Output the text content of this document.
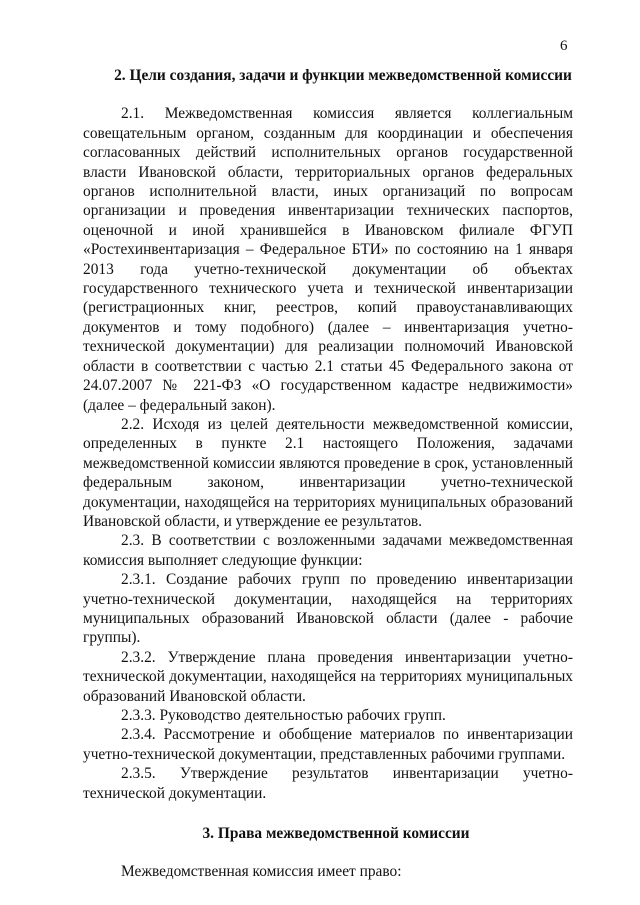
6

2. Цели создания, задачи и функции межведомственной комиссии

2.1. Межведомственная комиссия является коллегиальным совещательным органом, созданным для координации и обеспечения согласованных действий исполнительных органов государственной власти Ивановской области, территориальных органов федеральных органов исполнительной власти, иных организаций по вопросам организации и проведения инвентаризации технических паспортов, оценочной и иной хранившейся в Ивановском филиале ФГУП «Ростехинвентаризация – Федеральное БТИ» по состоянию на 1 января 2013 года учетно-технической документации об объектах государственного технического учета и технической инвентаризации (регистрационных книг, реестров, копий правоустанавливающих документов и тому подобного) (далее – инвентаризация учетно-технической документации) для реализации полномочий Ивановской области в соответствии с частью 2.1 статьи 45 Федерального закона от 24.07.2007 № 221-ФЗ «О государственном кадастре недвижимости» (далее – федеральный закон).

2.2. Исходя из целей деятельности межведомственной комиссии, определенных в пункте 2.1 настоящего Положения, задачами межведомственной комиссии являются проведение в срок, установленный федеральным законом, инвентаризации учетно-технической документации, находящейся на территориях муниципальных образований Ивановской области, и утверждение ее результатов.

2.3. В соответствии с возложенными задачами межведомственная комиссия выполняет следующие функции:

2.3.1. Создание рабочих групп по проведению инвентаризации учетно-технической документации, находящейся на территориях муниципальных образований Ивановской области (далее - рабочие группы).

2.3.2. Утверждение плана проведения инвентаризации учетно-технической документации, находящейся на территориях муниципальных образований Ивановской области.

2.3.3. Руководство деятельностью рабочих групп.

2.3.4. Рассмотрение и обобщение материалов по инвентаризации учетно-технической документации, представленных рабочими группами.

2.3.5. Утверждение результатов инвентаризации учетно-технической документации.

3. Права межведомственной комиссии

Межведомственная комиссия имеет право:
